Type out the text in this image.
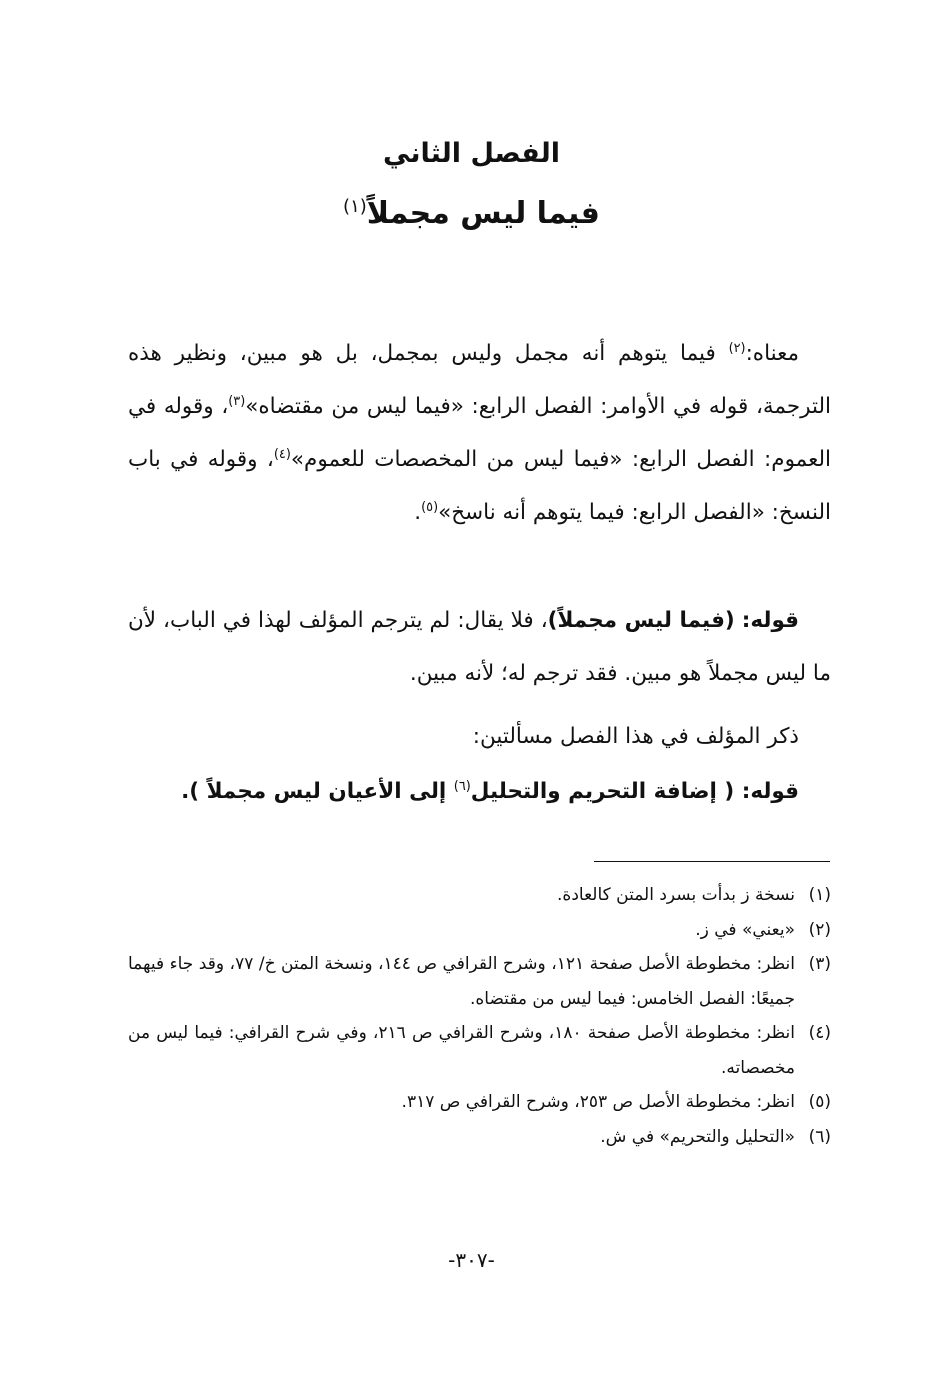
الفصل الثاني
فيما ليس مجملاً$^{(١)}$

معناه:$^{(٢)}$ فيما يتوهم أنه مجمل وليس بمجمل، بل هو مبين، ونظير هذه الترجمة، قوله في الأوامر: الفصل الرابع: «فيما ليس من مقتضاه»$^{(٣)}$، وقوله في العموم: الفصل الرابع: «فيما ليس من المخصصات للعموم»$^{(٤)}$، وقوله في باب النسخ: «الفصل الرابع: فيما يتوهم أنه ناسخ»$^{(٥)}$.

قوله: (فيما ليس مجملاً)، فلا يقال: لم يترجم المؤلف لهذا في الباب، لأن ما ليس مجملاً هو مبين. فقد ترجم له؛ لأنه مبين.

ذكر المؤلف في هذا الفصل مسألتين:

قوله: ( إضافة التحريم والتحليل$^{(٦)}$ إلى الأعيان ليس مجملاً ).

(١)
نسخة ز بدأت بسرد المتن كالعادة.
(٢)
«يعني» في ز.
(٣)
انظر: مخطوطة الأصل صفحة ١٢١، وشرح القرافي ص ١٤٤، ونسخة المتن خ/ ٧٧، وقد جاء فيهما جميعًا: الفصل الخامس: فيما ليس من مقتضاه.
(٤)
انظر: مخطوطة الأصل صفحة ١٨٠، وشرح القرافي ص ٢١٦، وفي شرح القرافي: فيما ليس من مخصصاته.
(٥)
انظر: مخطوطة الأصل ص ٢٥٣، وشرح القرافي ص ٣١٧.
(٦)
«التحليل والتحريم» في ش.
-٣٠٧-
